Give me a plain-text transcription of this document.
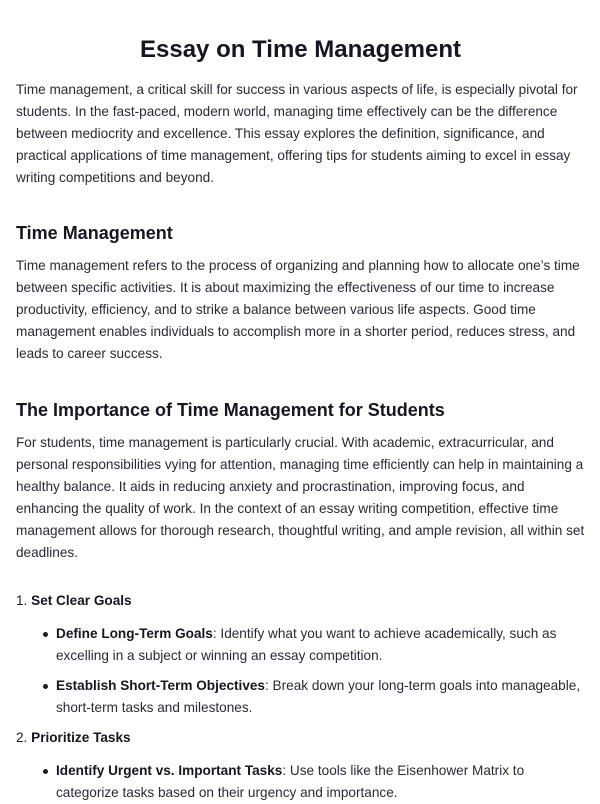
Essay on Time Management

Time management, a critical skill for success in various aspects of life, is especially pivotal for students. In the fast-paced, modern world, managing time effectively can be the difference between mediocrity and excellence. This essay explores the definition, significance, and practical applications of time management, offering tips for students aiming to excel in essay writing competitions and beyond.

Time Management

Time management refers to the process of organizing and planning how to allocate one’s time between specific activities. It is about maximizing the effectiveness of our time to increase productivity, efficiency, and to strike a balance between various life aspects. Good time management enables individuals to accomplish more in a shorter period, reduces stress, and leads to career success.

The Importance of Time Management for Students

For students, time management is particularly crucial. With academic, extracurricular, and personal responsibilities vying for attention, managing time efficiently can help in maintaining a healthy balance. It aids in reducing anxiety and procrastination, improving focus, and enhancing the quality of work. In the context of an essay writing competition, effective time management allows for thorough research, thoughtful writing, and ample revision, all within set deadlines.

1. Set Clear Goals
Define Long-Term Goals: Identify what you want to achieve academically, such as excelling in a subject or winning an essay competition.
Establish Short-Term Objectives: Break down your long-term goals into manageable, short-term tasks and milestones.
2. Prioritize Tasks
Identify Urgent vs. Important Tasks: Use tools like the Eisenhower Matrix to categorize tasks based on their urgency and importance.
